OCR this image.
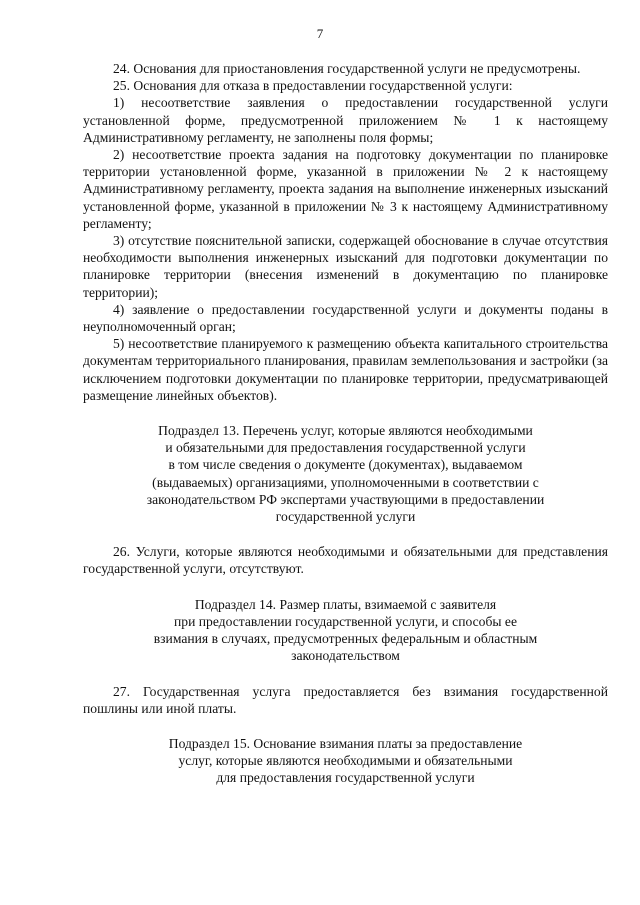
7

24. Основания для приостановления государственной услуги не предусмотрены.

25. Основания для отказа в предоставлении государственной услуги:

1) несоответствие заявления о предоставлении государственной услуги установленной форме, предусмотренной приложением № 1 к настоящему Административному регламенту, не заполнены поля формы;

2) несоответствие проекта задания на подготовку документации по планировке территории установленной форме, указанной в приложении № 2 к настоящему Административному регламенту, проекта задания на выполнение инженерных изысканий установленной форме, указанной в приложении № 3 к настоящему Административному регламенту;

3) отсутствие пояснительной записки, содержащей обоснование в случае отсутствия необходимости выполнения инженерных изысканий для подготовки документации по планировке территории (внесения изменений в документацию по планировке территории);

4) заявление о предоставлении государственной услуги и документы поданы в неуполномоченный орган;

5) несоответствие планируемого к размещению объекта капитального строительства документам территориального планирования, правилам землепользования и застройки (за исключением подготовки документации по планировке территории, предусматривающей размещение линейных объектов).

Подраздел 13. Перечень услуг, которые являются необходимыми

и обязательными для предоставления государственной услуги

в том числе сведения о документе (документах), выдаваемом

(выдаваемых) организациями, уполномоченными в соответствии с

законодательством РФ экспертами участвующими в предоставлении

государственной услуги

26. Услуги, которые являются необходимыми и обязательными для представления государственной услуги, отсутствуют.

Подраздел 14. Размер платы, взимаемой с заявителя

при предоставлении государственной услуги, и способы ее

взимания в случаях, предусмотренных федеральным и областным

законодательством

27. Государственная услуга предоставляется без взимания государственной пошлины или иной платы.

Подраздел 15. Основание взимания платы за предоставление

услуг, которые являются необходимыми и обязательными

для предоставления государственной услуги
